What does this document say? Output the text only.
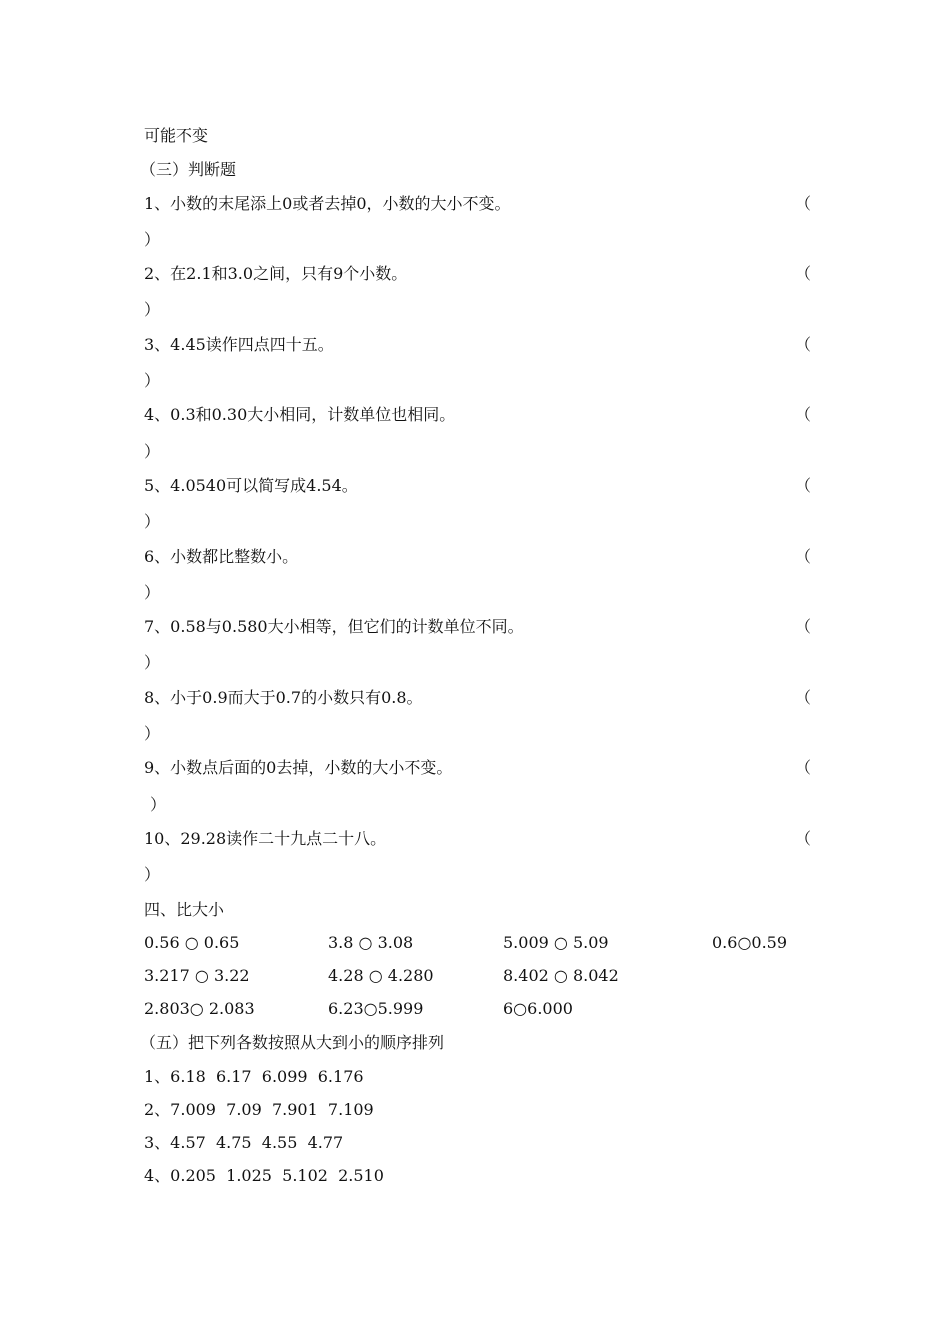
可能不变
（三）判断题
1、小数的末尾添上0或者去掉0，小数的大小不变。	（
）
2、在2.1和3.0之间，只有9个小数。	（
）
3、4.45读作四点四十五。	（
）
4、0.3和0.30大小相同，计数单位也相同。	（
）
5、4.0540可以简写成4.54。	（
）
6、小数都比整数小。	（
）
7、0.58与0.580大小相等，但它们的计数单位不同。	（
）
8、小于0.9而大于0.7的小数只有0.8。	（
）
9、小数点后面的0去掉，小数的大小不变。	（
）
10、29.28读作二十九点二十八。	（
）
四、比大小
0.56 ○ 0.65	3.8 ○ 3.08	5.009 ○ 5.09	0.6○0.59
3.217 ○ 3.22	4.28 ○ 4.280	8.402 ○ 8.042
2.803○ 2.083	6.23○5.999	6○6.000
（五）把下列各数按照从大到小的顺序排列
1、6.18  6.17  6.099  6.176
2、7.009  7.09  7.901  7.109
3、4.57  4.75  4.55  4.77
4、0.205  1.025  5.102  2.510
